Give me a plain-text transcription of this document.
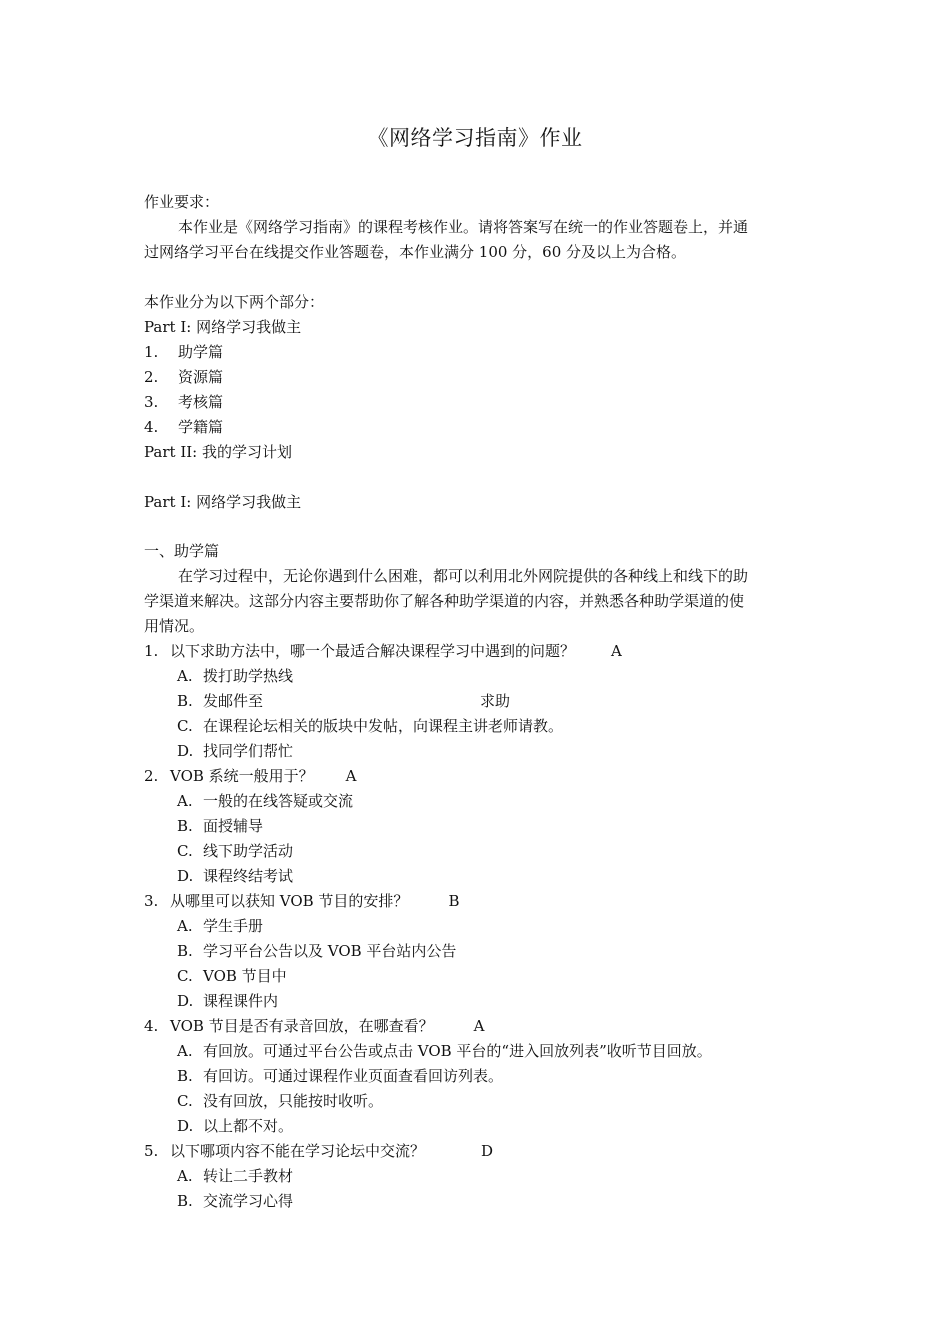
《网络学习指南》作业
作业要求：
本作业是《网络学习指南》的课程考核作业。请将答案写在统一的作业答题卷上，并通
过网络学习平台在线提交作业答题卷，本作业满分 100 分，60 分及以上为合格。
本作业分为以下两个部分：
Part I: 网络学习我做主
1. 助学篇
2. 资源篇
3. 考核篇
4. 学籍篇
Part II: 我的学习计划
Part I: 网络学习我做主
一、助学篇
在学习过程中，无论你遇到什么困难，都可以利用北外网院提供的各种线上和线下的助
学渠道来解决。这部分内容主要帮助你了解各种助学渠道的内容，并熟悉各种助学渠道的使
用情况。
1. 以下求助方法中，哪一个最适合解决课程学习中遇到的问题？ A
A. 拨打助学热线
B. 发邮件至	求助
C. 在课程论坛相关的版块中发帖，向课程主讲老师请教。
D. 找同学们帮忙
2. VOB 系统一般用于？ A
A. 一般的在线答疑或交流
B. 面授辅导
C. 线下助学活动
D. 课程终结考试
3. 从哪里可以获知 VOB 节目的安排？	B
A. 学生手册
B. 学习平台公告以及 VOB 平台站内公告
C. VOB 节目中
D. 课程课件内
4. VOB 节目是否有录音回放，在哪查看？	A
A. 有回放。可通过平台公告或点击 VOB 平台的“进入回放列表”收听节目回放。
B. 有回访。可通过课程作业页面查看回访列表。
C. 没有回放，只能按时收听。
D. 以上都不对。
5. 以下哪项内容不能在学习论坛中交流？	D
A. 转让二手教材
B. 交流学习心得
